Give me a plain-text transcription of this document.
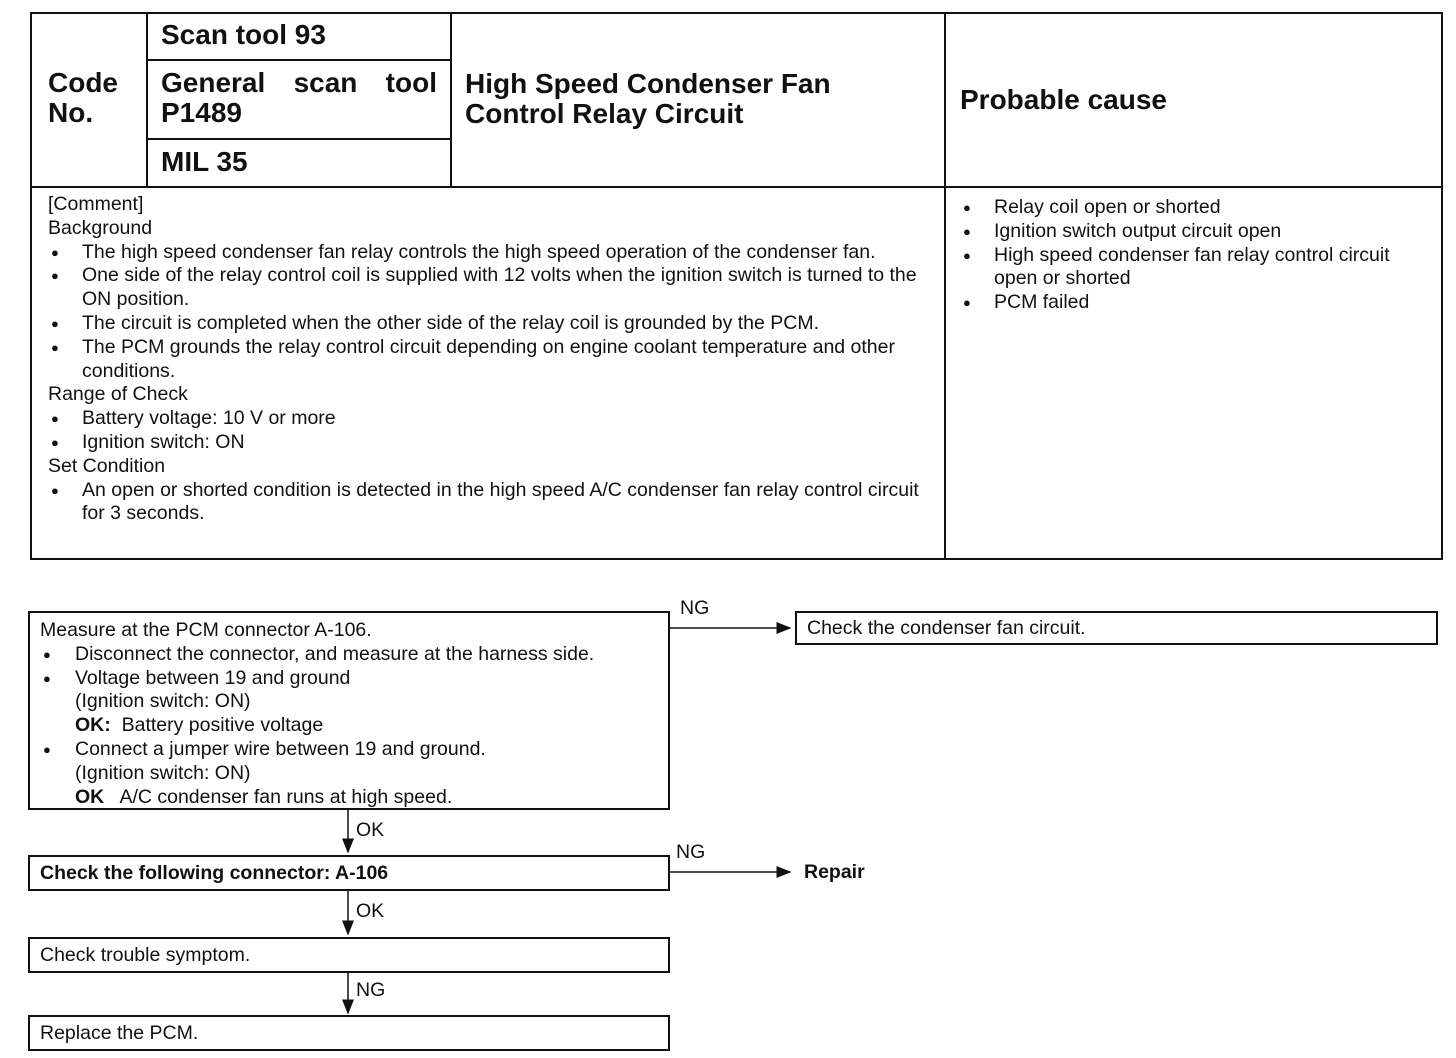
Code No.
Scan tool 93
General scan tool P1489
MIL 35
High Speed Condenser Fan Control Relay Circuit	Probable cause
[Comment]
Background
● The high speed condenser fan relay controls the high speed operation of the condenser fan.
● One side of the relay control coil is supplied with 12 volts when the ignition switch is turned to the ON position.
● The circuit is completed when the other side of the relay coil is grounded by the PCM.
● The PCM grounds the relay control circuit depending on engine coolant temperature and other conditions.
Range of Check
● Battery voltage: 10 V or more
● Ignition switch: ON
Set Condition
● An open or shorted condition is detected in the high speed A/C condenser fan relay control circuit for 3 seconds.
● Relay coil open or shorted
● Ignition switch output circuit open
● High speed condenser fan relay control circuit open or shorted
● PCM failed
Measure at the PCM connector A-106.
● Disconnect the connector, and measure at the harness side.
● Voltage between 19 and ground
(Ignition switch: ON)
OK: Battery positive voltage
● Connect a jumper wire between 19 and ground.
(Ignition switch: ON)
OK A/C condenser fan runs at high speed.
NG
Check the condenser fan circuit.
OK
Check the following connector: A-106
NG
Repair
OK
Check trouble symptom.
NG
Replace the PCM.
